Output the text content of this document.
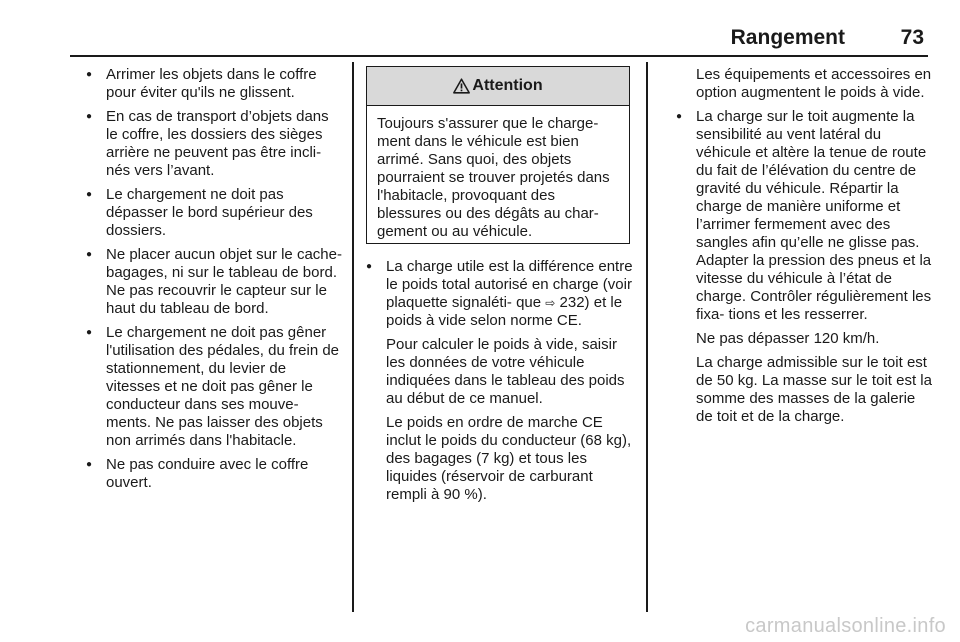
Rangement	73
● Arrimer les objets dans le coffre pour éviter qu'ils ne glissent.
● En cas de transport d’objets dans le coffre, les dossiers des sièges arrière ne peuvent pas être incli- nés vers l’avant.
● Le chargement ne doit pas dépasser le bord supérieur des dossiers.
● Ne placer aucun objet sur le cache-bagages, ni sur le tableau de bord. Ne pas recouvrir le capteur sur le haut du tableau de bord.
● Le chargement ne doit pas gêner l'utilisation des pédales, du frein de stationnement, du levier de vitesses et ne doit pas gêner le conducteur dans ses mouve- ments. Ne pas laisser des objets non arrimés dans l'habitacle.
● Ne pas conduire avec le coffre ouvert.
Attention
Toujours s'assurer que le charge- ment dans le véhicule est bien arrimé. Sans quoi, des objets pourraient se trouver projetés dans l'habitacle, provoquant des blessures ou des dégâts au char- gement ou au véhicule.
● La charge utile est la différence entre le poids total autorisé en charge (voir plaquette signaléti- que ⇨ 232) et le poids à vide selon norme CE.

Pour calculer le poids à vide, saisir les données de votre véhicule indiquées dans le tableau des poids au début de ce manuel.

Le poids en ordre de marche CE inclut le poids du conducteur (68 kg), des bagages (7 kg) et tous les liquides (réservoir de carburant rempli à 90 %).

Les équipements et accessoires en option augmentent le poids à vide.

● La charge sur le toit augmente la sensibilité au vent latéral du véhicule et altère la tenue de route du fait de l’élévation du centre de gravité du véhicule. Répartir la charge de manière uniforme et l’arrimer fermement avec des sangles afin qu’elle ne glisse pas. Adapter la pression des pneus et la vitesse du véhicule à l’état de charge. Contrôler régulièrement les fixa- tions et les resserrer.

Ne pas dépasser 120 km/h.

La charge admissible sur le toit est de 50 kg. La masse sur le toit est la somme des masses de la galerie de toit et de la charge.

carmanualsonline.info
